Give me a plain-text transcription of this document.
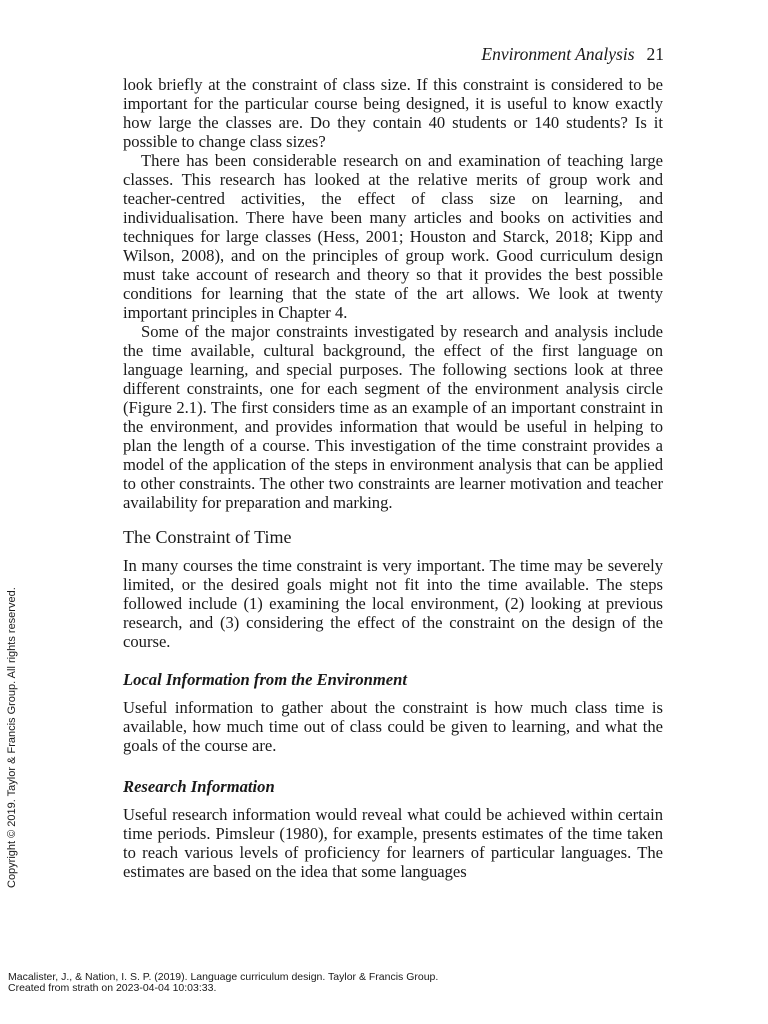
Environment Analysis 21

look briefly at the constraint of class size. If this constraint is considered to be important for the particular course being designed, it is useful to know exactly how large the classes are. Do they contain 40 students or 140 students? Is it possible to change class sizes?

There has been considerable research on and examination of teaching large classes. This research has looked at the relative merits of group work and teacher-centred activities, the effect of class size on learning, and individualisation. There have been many articles and books on activities and techniques for large classes (Hess, 2001; Houston and Starck, 2018; Kipp and Wilson, 2008), and on the principles of group work. Good curriculum design must take account of research and theory so that it provides the best possible conditions for learning that the state of the art allows. We look at twenty important principles in Chapter 4.

Some of the major constraints investigated by research and analysis include the time available, cultural background, the effect of the first language on language learning, and special purposes. The following sections look at three different constraints, one for each segment of the environment analysis circle (Figure 2.1). The first considers time as an example of an important constraint in the environment, and provides information that would be useful in helping to plan the length of a course. This investigation of the time constraint provides a model of the application of the steps in environment analysis that can be applied to other constraints. The other two constraints are learner motivation and teacher availability for preparation and marking.

The Constraint of Time

In many courses the time constraint is very important. The time may be severely limited, or the desired goals might not fit into the time available. The steps followed include (1) examining the local environment, (2) looking at previous research, and (3) considering the effect of the constraint on the design of the course.

Local Information from the Environment

Useful information to gather about the constraint is how much class time is available, how much time out of class could be given to learning, and what the goals of the course are.

Research Information

Useful research information would reveal what could be achieved within certain time periods. Pimsleur (1980), for example, presents estimates of the time taken to reach various levels of proficiency for learners of particular languages. The estimates are based on the idea that some languages

Copyright © 2019. Taylor & Francis Group. All rights reserved.
Macalister, J., & Nation, I. S. P. (2019). Language curriculum design. Taylor & Francis Group.
Created from strath on 2023-04-04 10:03:33.
